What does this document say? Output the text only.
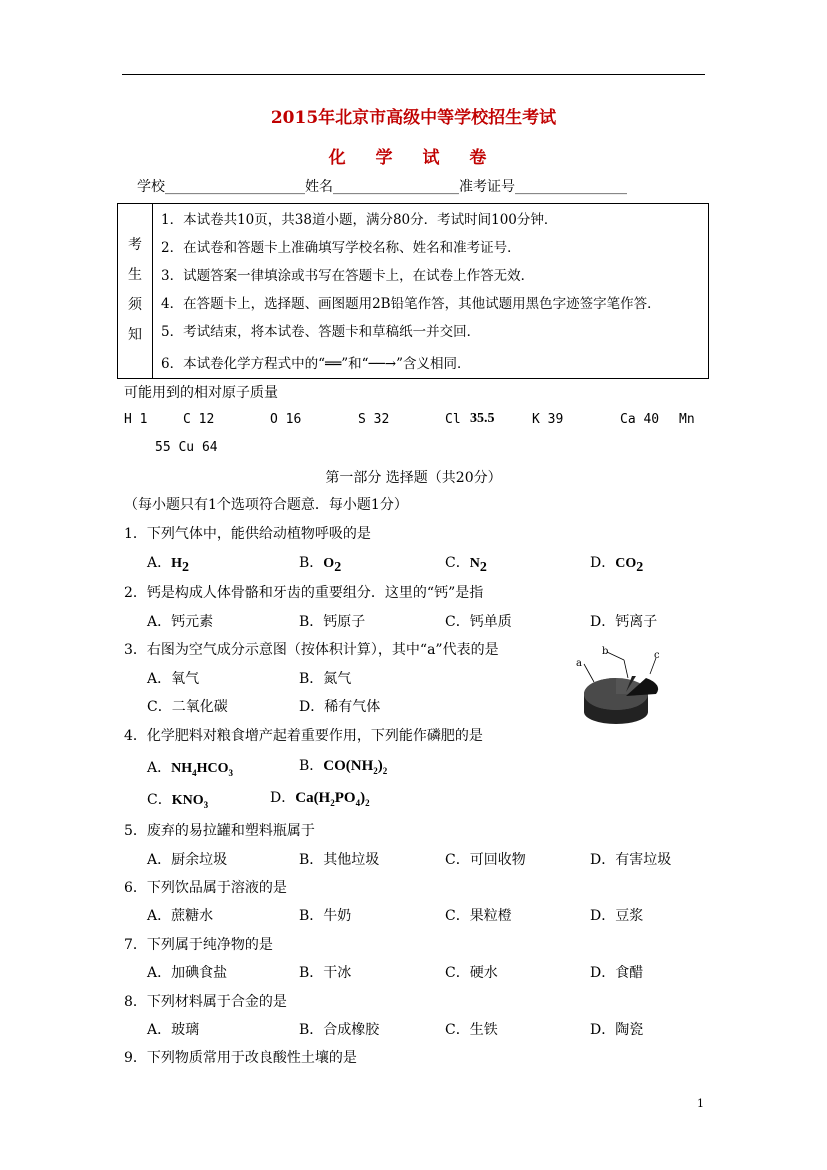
2015年北京市高级中等学校招生考试
化 学 试 卷
学校____________________姓名__________________准考证号________________
考
生
须
知
1．本试卷共10页，共38道小题，满分80分．考试时间100分钟．
2．在试卷和答题卡上准确填写学校名称、姓名和准考证号．
3．试题答案一律填涂或书写在答题卡上，在试卷上作答无效．
4．在答题卡上，选择题、画图题用2B铅笔作答，其他试题用黑色字迹签字笔作答．
5．考试结束，将本试卷、答题卡和草稿纸一并交回．
6．本试卷化学方程式中的“══”和“──→”含义相同．
可能用到的相对原子质量
H 1	C 12	O 16	S 32	Cl 35.5	K 39	Ca 40 Mn
55 Cu 64
第一部分 选择题（共20分）
（每小题只有1个选项符合题意．每小题1分）
1．下列气体中，能供给动植物呼吸的是
A．$H_2$	B．$O_2$	C．$N_2$	D．$CO_2$
2．钙是构成人体骨骼和牙齿的重要组分．这里的“钙”是指
A．钙元素	B．钙原子	C．钙单质	D．钙离子
3．右图为空气成分示意图（按体积计算），其中“a”代表的是
A．氧气	B．氮气
C．二氧化碳	D．稀有气体
a
b	c
4．化学肥料对粮食增产起着重要作用，下列能作磷肥的是
A．$NH_4HCO_3$	B．$CO(NH_2)_2$
C．$KNO_3$	D．$Ca(H_2PO_4)_2$
5．废弃的易拉罐和塑料瓶属于
A．厨余垃圾	B．其他垃圾	C．可回收物	D．有害垃圾
6．下列饮品属于溶液的是
A．蔗糖水	B．牛奶	C．果粒橙	D．豆浆
7．下列属于纯净物的是
A．加碘食盐	B．干冰	C．硬水	D．食醋
8．下列材料属于合金的是
A．玻璃	B．合成橡胶	C．生铁	D．陶瓷
9．下列物质常用于改良酸性土壤的是
1
